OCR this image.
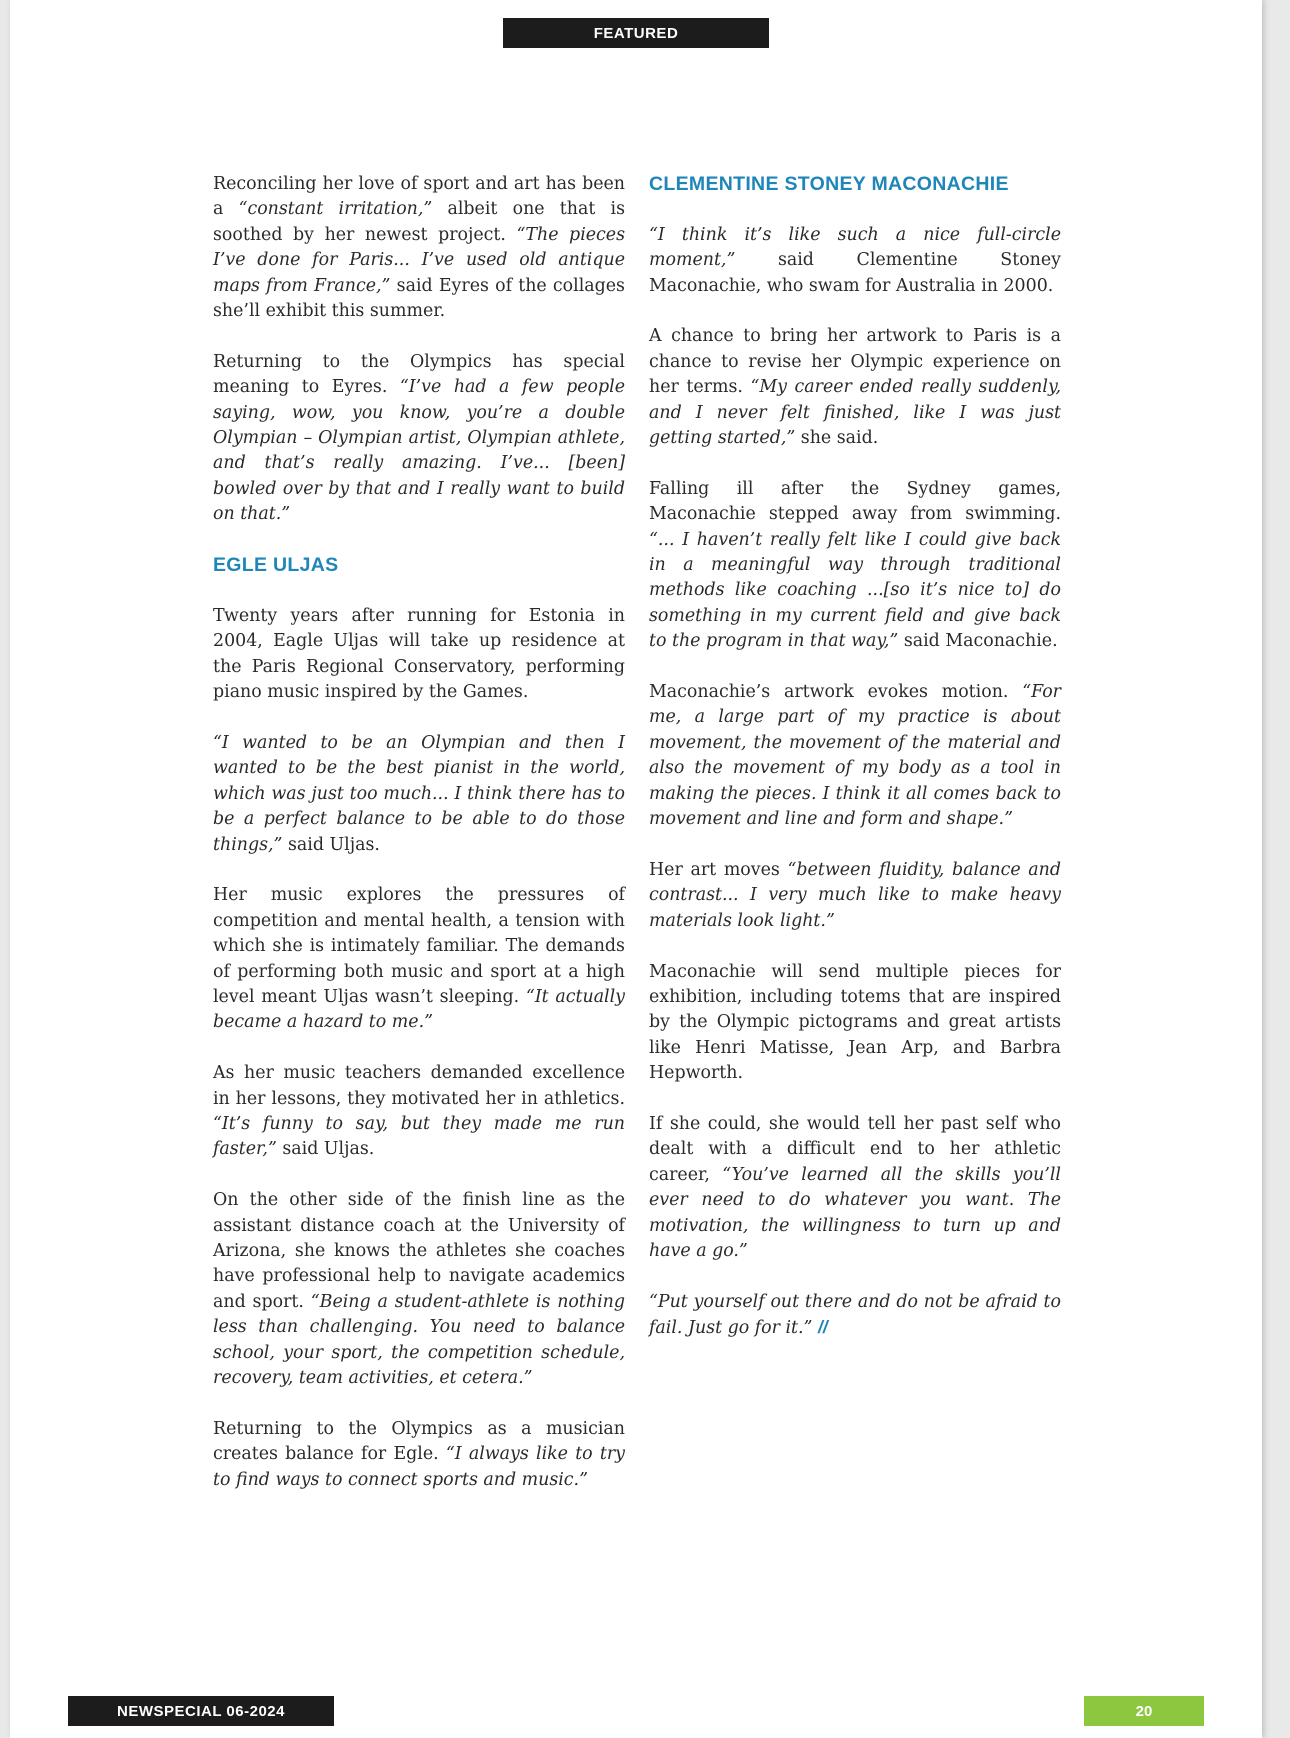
FEATURED

Reconciling her love of sport and art has been a “constant irritation,” albeit one that is soothed by her newest project. “The pieces I’ve done for Paris... I’ve used old antique maps from France,” said Eyres of the collages she’ll exhibit this summer.

Returning to the Olympics has special meaning to Eyres. “I’ve had a few people saying, wow, you know, you’re a double Olympian – Olympian artist, Olympian athlete, and that’s really amazing. I’ve... [been] bowled over by that and I really want to build on that.”

EGLE ULJAS

Twenty years after running for Estonia in 2004, Eagle Uljas will take up residence at the Paris Regional Conservatory, performing piano music inspired by the Games.

“I wanted to be an Olympian and then I wanted to be the best pianist in the world, which was just too much... I think there has to be a perfect balance to be able to do those things,” said Uljas.

Her music explores the pressures of competition and mental health, a tension with which she is intimately familiar. The demands of performing both music and sport at a high level meant Uljas wasn’t sleeping. “It actually became a hazard to me.”

As her music teachers demanded excellence in her lessons, they motivated her in athletics. “It’s funny to say, but they made me run faster,” said Uljas.

On the other side of the finish line as the assistant distance coach at the University of Arizona, she knows the athletes she coaches have professional help to navigate academics and sport. “Being a student-athlete is nothing less than challenging. You need to balance school, your sport, the competition schedule, recovery, team activities, et cetera.”

Returning to the Olympics as a musician creates balance for Egle. “I always like to try to find ways to connect sports and music.”

CLEMENTINE STONEY MACONACHIE

“I think it’s like such a nice full-circle moment,” said Clementine Stoney Maconachie, who swam for Australia in 2000.

A chance to bring her artwork to Paris is a chance to revise her Olympic experience on her terms. “My career ended really suddenly, and I never felt finished, like I was just getting started,” she said.

Falling ill after the Sydney games, Maconachie stepped away from swimming. “... I haven’t really felt like I could give back in a meaningful way through traditional methods like coaching ...[so it’s nice to] do something in my current field and give back to the program in that way,” said Maconachie.

Maconachie’s artwork evokes motion. “For me, a large part of my practice is about movement, the movement of the material and also the movement of my body as a tool in making the pieces. I think it all comes back to movement and line and form and shape.”

Her art moves “between fluidity, balance and contrast... I very much like to make heavy materials look light.”

Maconachie will send multiple pieces for exhibition, including totems that are inspired by the Olympic pictograms and great artists like Henri Matisse, Jean Arp, and Barbra Hepworth.

If she could, she would tell her past self who dealt with a difficult end to her athletic career, “You’ve learned all the skills you’ll ever need to do whatever you want. The motivation, the willingness to turn up and have a go.”

“Put yourself out there and do not be afraid to fail. Just go for it.” //

NEWSPECIAL 06-2024	20
